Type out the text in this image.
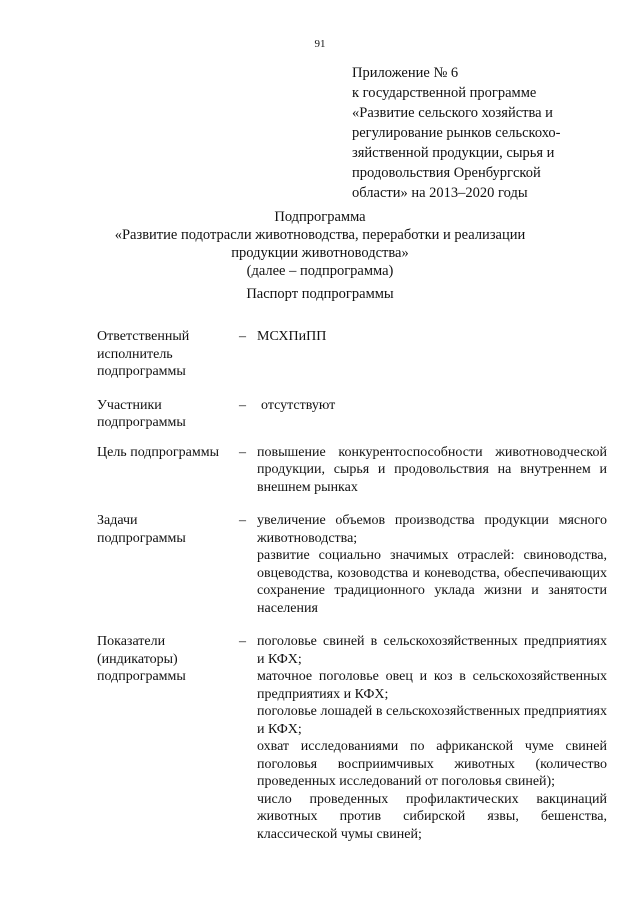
91
Приложение № 6
к государственной программе
«Развитие сельского хозяйства и
регулирование рынков сельскохо-
зяйственной продукции, сырья и
продовольствия Оренбургской
области» на 2013–2020 годы
Подпрограмма
«Развитие подотрасли животноводства, переработки и реализации
продукции животноводства»
(далее – подпрограмма)
Паспорт подпрограммы
Ответственный
исполнитель
подпрограммы
– МСХПиПП

Участники
подпрограммы
–	отсутствуют

Цель подпрограммы	– повышение конкурентоспособности животноводческой продукции, сырья и продовольствия на внутреннем и внешнем рынках

Задачи
подпрограммы
– увеличение объемов производства продукции мясного животноводства;

развитие социально значимых отраслей: свиноводства, овцеводства, козоводства и коневодства, обеспечивающих сохранение традиционного уклада жизни и занятости населения

Показатели
(индикаторы)
подпрограммы
– поголовье свиней в сельскохозяйственных предприятиях и КФХ;

маточное поголовье овец и коз в сельскохозяйственных предприятиях и КФХ;

поголовье лошадей в сельскохозяйственных предприятиях и КФХ;

охват исследованиями по африканской чуме свиней поголовья восприимчивых животных (количество проведенных исследований от поголовья свиней);

число проведенных профилактических вакцинаций животных против сибирской язвы, бешенства, классической чумы свиней;
